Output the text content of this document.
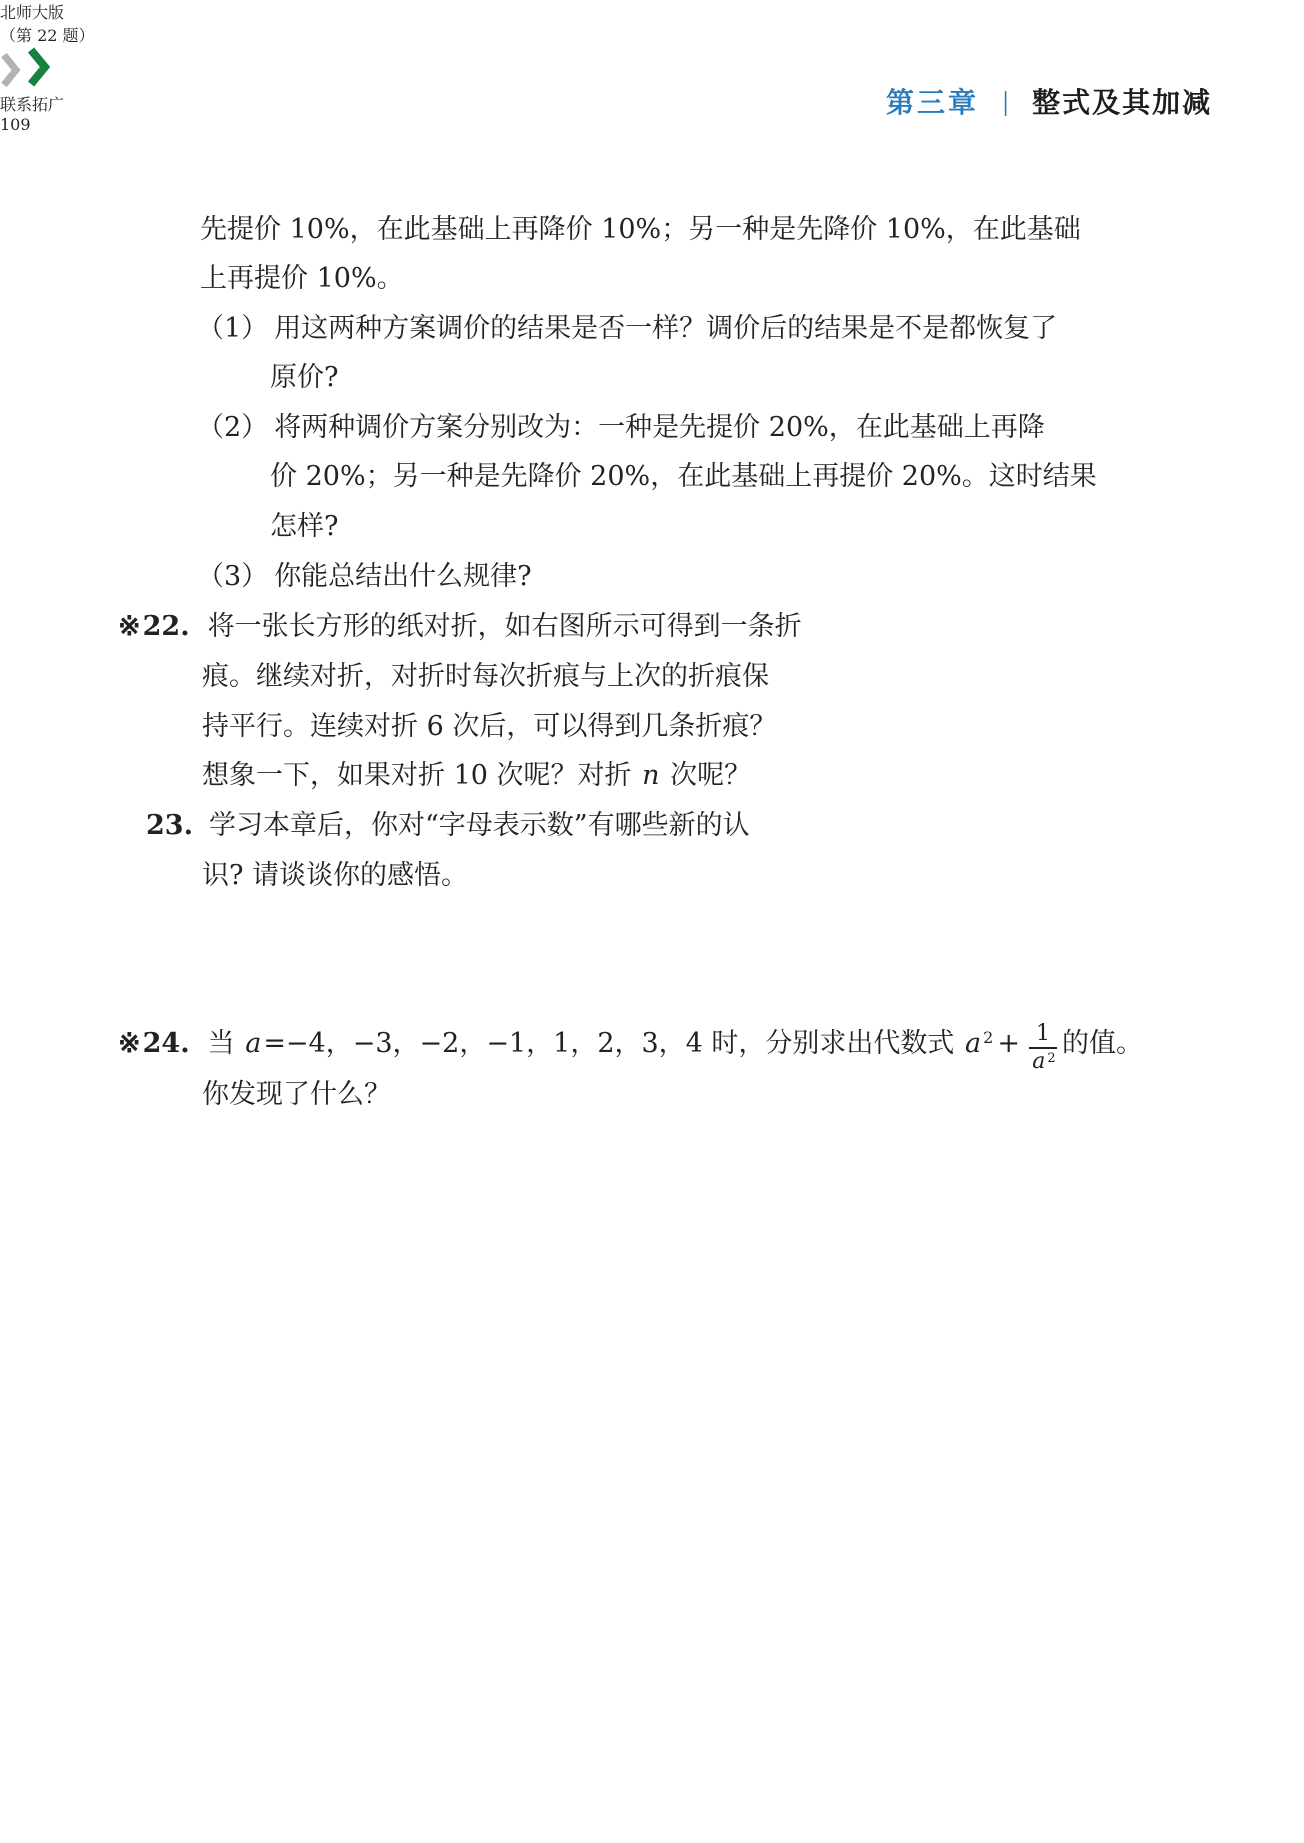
北师大版
第三章 | 整式及其加减
先提价 10%，在此基础上再降价 10%；另一种是先降价 10%，在此基础
上再提价 10%。
（1） 用这两种方案调价的结果是否一样？调价后的结果是不是都恢复了
原价?
（2） 将两种调价方案分别改为：一种是先提价 20%，在此基础上再降
价 20%；另一种是先降价 20%，在此基础上再提价 20%。这时结果
怎样?
（3） 你能总结出什么规律?
※22. 将一张长方形的纸对折，如右图所示可得到一条折
痕。继续对折，对折时每次折痕与上次的折痕保
持平行。连续对折 6 次后，可以得到几条折痕？
想象一下，如果对折 10 次呢？对折 n 次呢？
23. 学习本章后，你对“字母表示数”有哪些新的认
识? 请谈谈你的感悟。
（第 22 题）

联系拓广
※24. 当 a=−4，−3，−2，−1，1，2，3，4 时，分别求出代数式 a $^2 + \frac{1}{a ^2}$ 的值。
你发现了什么？
109
